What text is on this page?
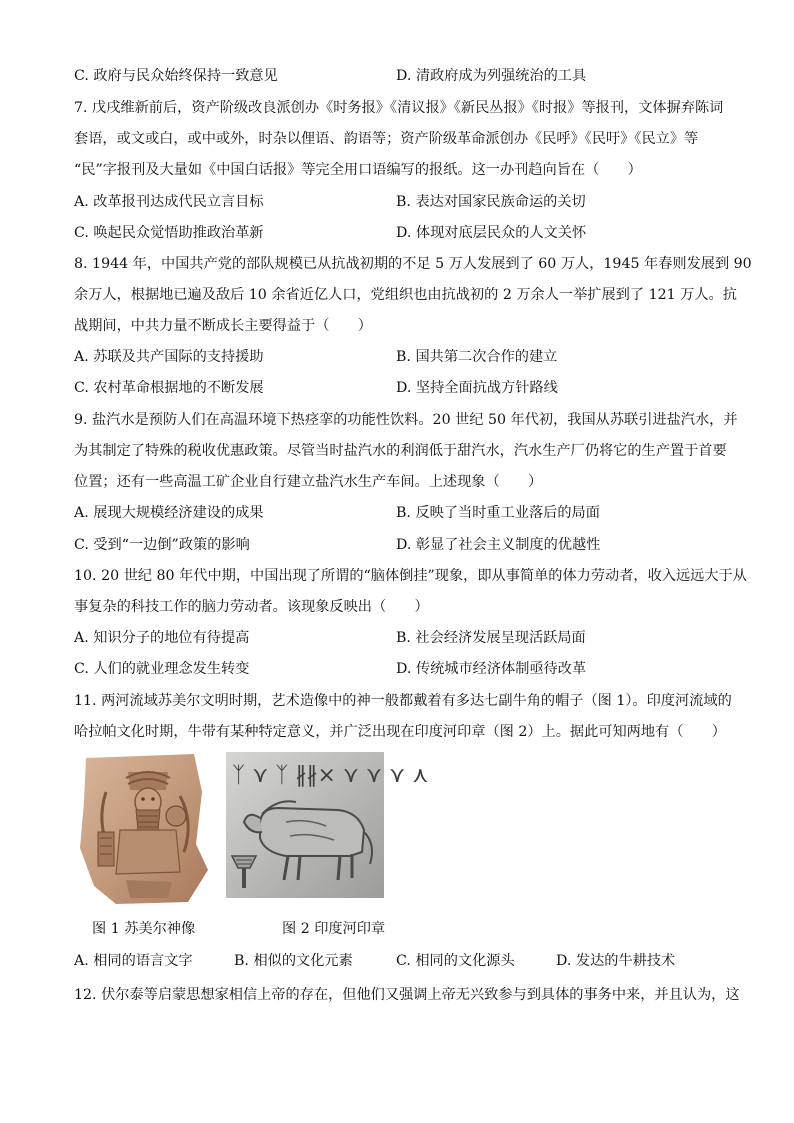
C. 政府与民众始终保持一致意见	D. 清政府成为列强统治的工具
7. 戊戌维新前后，资产阶级改良派创办《时务报》《清议报》《新民丛报》《时报》等报刊，文体摒弃陈词
套语，或文或白，或中或外，时杂以俚语、韵语等；资产阶级革命派创办《民呼》《民吁》《民立》等
“民”字报刊及大量如《中国白话报》等完全用口语编写的报纸。这一办刊趋向旨在（　　）
A. 改革报刊达成代民立言目标	B. 表达对国家民族命运的关切
C. 唤起民众觉悟助推政治革新	D. 体现对底层民众的人文关怀
8. 1944 年，中国共产党的部队规模已从抗战初期的不足 5 万人发展到了 60 万人，1945 年春则发展到 90
余万人，根据地已遍及敌后 10 余省近亿人口，党组织也由抗战初的 2 万余人一举扩展到了 121 万人。抗
战期间，中共力量不断成长主要得益于（　　）
A. 苏联及共产国际的支持援助	B. 国共第二次合作的建立
C. 农村革命根据地的不断发展	D. 坚持全面抗战方针路线
9. 盐汽水是预防人们在高温环境下热痉挛的功能性饮料。20 世纪 50 年代初，我国从苏联引进盐汽水，并
为其制定了特殊的税收优惠政策。尽管当时盐汽水的利润低于甜汽水，汽水生产厂仍将它的生产置于首要
位置；还有一些高温工矿企业自行建立盐汽水生产车间。上述现象（　　）
A. 展现大规模经济建设的成果	B. 反映了当时重工业落后的局面
C. 受到“一边倒”政策的影响	D. 彰显了社会主义制度的优越性
10. 20 世纪 80 年代中期，中国出现了所谓的“脑体倒挂”现象，即从事简单的体力劳动者，收入远远大于从
事复杂的科技工作的脑力劳动者。该现象反映出（　　）
A. 知识分子的地位有待提高	B. 社会经济发展呈现活跃局面
C. 人们的就业理念发生转变	D. 传统城市经济体制亟待改革
11. 两河流域苏美尔文明时期，艺术造像中的神一般都戴着有多达七副牛角的帽子（图 1）。印度河流域的
哈拉帕文化时期，牛带有某种特定意义，并广泛出现在印度河印章（图 2）上。据此可知两地有（　　）
ᛉ ⋎ ᛉ ∦∦⨯ ⋎ ⋎ ⋎ ⋏
图 1 苏美尔神像	图 2 印度河印章
A. 相同的语言文字	B. 相似的文化元素	C. 相同的文化源头	D. 发达的牛耕技术
12. 伏尔泰等启蒙思想家相信上帝的存在，但他们又强调上帝无兴致参与到具体的事务中来，并且认为，这
